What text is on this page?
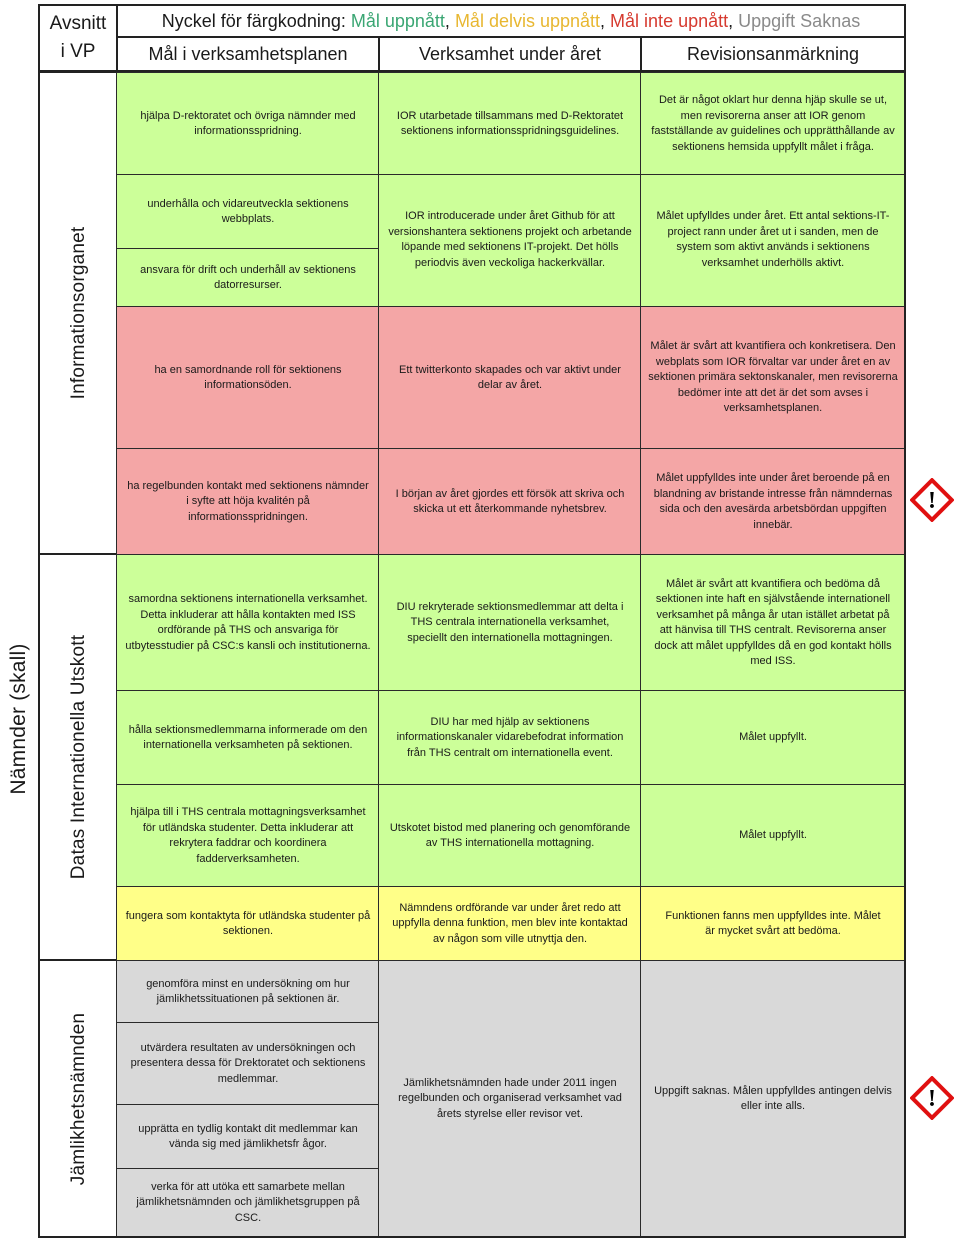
Avsnitt i VP
Nyckel för färgkodning: Mål uppnått , Mål delvis uppnått , Mål inte upnått , Uppgift Saknas
Mål i verksamhetsplanen	Verksamhet under året	Revisionsanmärkning
Nämnder (skall)
Informationsorganet
Datas Internationella Utskott
Jämlikhetsnämnden
hjälpa D-rektoratet och övriga nämnder med informationsspridning.
IOR utarbetade tillsammans med D-Rektoratet sektionens informationsspridningsguidelines.
Det är något oklart hur denna hjäp skulle se ut, men revisorerna anser att IOR genom fastställande av guidelines och upprätthållande av sektionens hemsida uppfyllt målet i fråga.
underhålla och vidareutveckla sektionens webbplats.
ansvara för drift och underhåll av sektionens datorresurser.
IOR introducerade under året Github för att versionshantera sektionens projekt och arbetande löpande med sektionens IT-projekt. Det hölls periodvis även veckoliga hackerkvällar.
Målet upfylldes under året. Ett antal sektions-IT-project rann under året ut i sanden, men de system som aktivt används i sektionens verksamhet underhölls aktivt.
ha en samordnande roll för sektionens informationsöden.
Ett twitterkonto skapades och var aktivt under delar av året.
Målet är svårt att kvantifiera och konkretisera. Den webplats som IOR förvaltar var under året en av sektionen primära sektonskanaler, men revisorerna bedömer inte att det är det som avses i verksamhetsplanen.
ha regelbunden kontakt med sektionens nämnder i syfte att höja kvalitén på informationsspridningen.
I början av året gjordes ett försök att skriva och skicka ut ett återkommande nyhetsbrev.
Målet uppfylldes inte under året beroende på en blandning av bristande intresse från nämndernas sida och den avesärda arbetsbördan uppgiften innebär.
samordna sektionens internationella verksamhet. Detta inkluderar att hålla kontakten med ISS ordförande på THS och ansvariga för utbytesstudier på CSC:s kansli och institutionerna.
DIU rekryterade sektionsmedlemmar att delta i THS centrala internationella verksamhet, speciellt den internationella mottagningen.
Målet är svårt att kvantifiera och bedöma då sektionen inte haft en självstående internationell verksamhet på många år utan istället arbetat på att hänvisa till THS centralt. Revisorerna anser dock att målet uppfylldes då en god kontakt hölls med ISS.
hålla sektionsmedlemmarna informerade om den internationella verksamheten på sektionen.
DIU har med hjälp av sektionens informationskanaler vidarebefodrat information från THS centralt om internationella event.
Målet uppfyllt.
hjälpa till i THS centrala mottagningsverksamhet för utländska studenter. Detta inkluderar att rekrytera faddrar och koordinera fadderverksamheten.
Utskotet bistod med planering och genomförande av THS internationella mottagning.
Målet uppfyllt.
fungera som kontaktyta för utländska studenter på sektionen.
Nämndens ordförande var under året redo att uppfylla denna funktion, men blev inte kontaktad av någon som ville utnyttja den.
Funktionen fanns men uppfylldes inte. Målet är mycket svårt att bedöma.
genomföra minst en undersökning om hur jämlikhetssituationen på sektionen är.
utvärdera resultaten av undersökningen och presentera dessa för Drektoratet och sektionens medlemmar.
upprätta en tydlig kontakt dit medlemmar kan vända sig med jämlikhetsfr ågor.
verka för att utöka ett samarbete mellan jämlikhetsnämnden och jämlikhetsgruppen på CSC.
Jämlikhetsnämnden hade under 2011 ingen regelbunden och organiserad verksamhet vad årets styrelse eller revisor vet.
Uppgift saknas. Målen uppfylldes antingen delvis eller inte alls.
!
!
